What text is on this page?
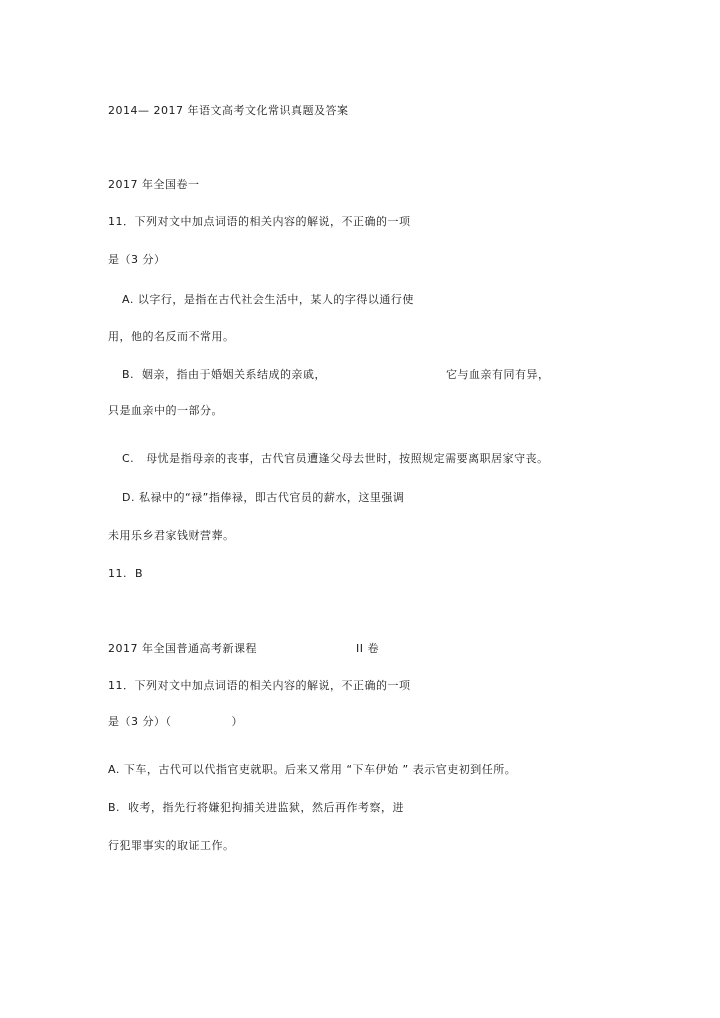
2014— 2017 年语文高考文化常识真题及答案
2017 年全国卷一
11．下列对文中加点词语的相关内容的解说，不正确的一项
是（3 分）
A. 以字行，是指在古代社会生活中，某人的字得以通行使
用，他的名反而不常用。
B.  姻亲，指由于婚姻关系结成的亲戚，	它与血亲有同有异，
只是血亲中的一部分。
C.   母忧是指母亲的丧事，古代官员遭逢父母去世时，按照规定需要离职居家守丧。
D. 私禄中的“禄”指俸禄，即古代官员的薪水，这里强调
未用乐乡君家钱财营葬。
11.  B
2017 年全国普通高考新课程	II 卷
11．下列对文中加点词语的相关内容的解说，不正确的一项
是（3 分）（               ）
A. 下车，古代可以代指官吏就职。后来又常用 “下车伊始 ” 表示官吏初到任所。
B.  收考，指先行将嫌犯拘捕关进监狱，然后再作考察，进
行犯罪事实的取证工作。
